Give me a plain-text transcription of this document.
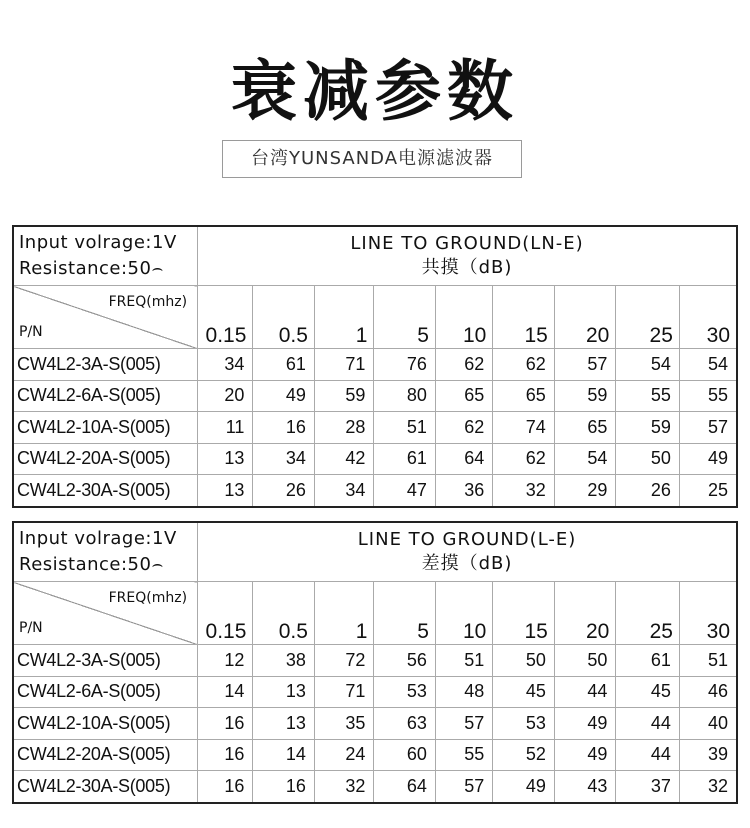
衰减参数
台湾YUNSANDA电源滤波器
Input volrage:1V
Resistance:50⌢	LINE TO GROUND(LN-E)
共摸（dB)								

FREQ(mhz)
P/N	0.15	0.5	1	5	10	15	20	25	30
CW4L2-3A-S(005)	34	61	71	76	62	62	57	54	54
CW4L2-6A-S(005)	20	49	59	80	65	65	59	55	55
CW4L2-10A-S(005)	11	16	28	51	62	74	65	59	57
CW4L2-20A-S(005)	13	34	42	61	64	62	54	50	49
CW4L2-30A-S(005)	13	26	34	47	36	32	29	26	25
Input volrage:1V
Resistance:50⌢	LINE TO GROUND(L-E)
差摸（dB)								

FREQ(mhz)
P/N	0.15	0.5	1	5	10	15	20	25	30
CW4L2-3A-S(005)	12	38	72	56	51	50	50	61	51
CW4L2-6A-S(005)	14	13	71	53	48	45	44	45	46
CW4L2-10A-S(005)	16	13	35	63	57	53	49	44	40
CW4L2-20A-S(005)	16	14	24	60	55	52	49	44	39
CW4L2-30A-S(005)	16	16	32	64	57	49	43	37	32
